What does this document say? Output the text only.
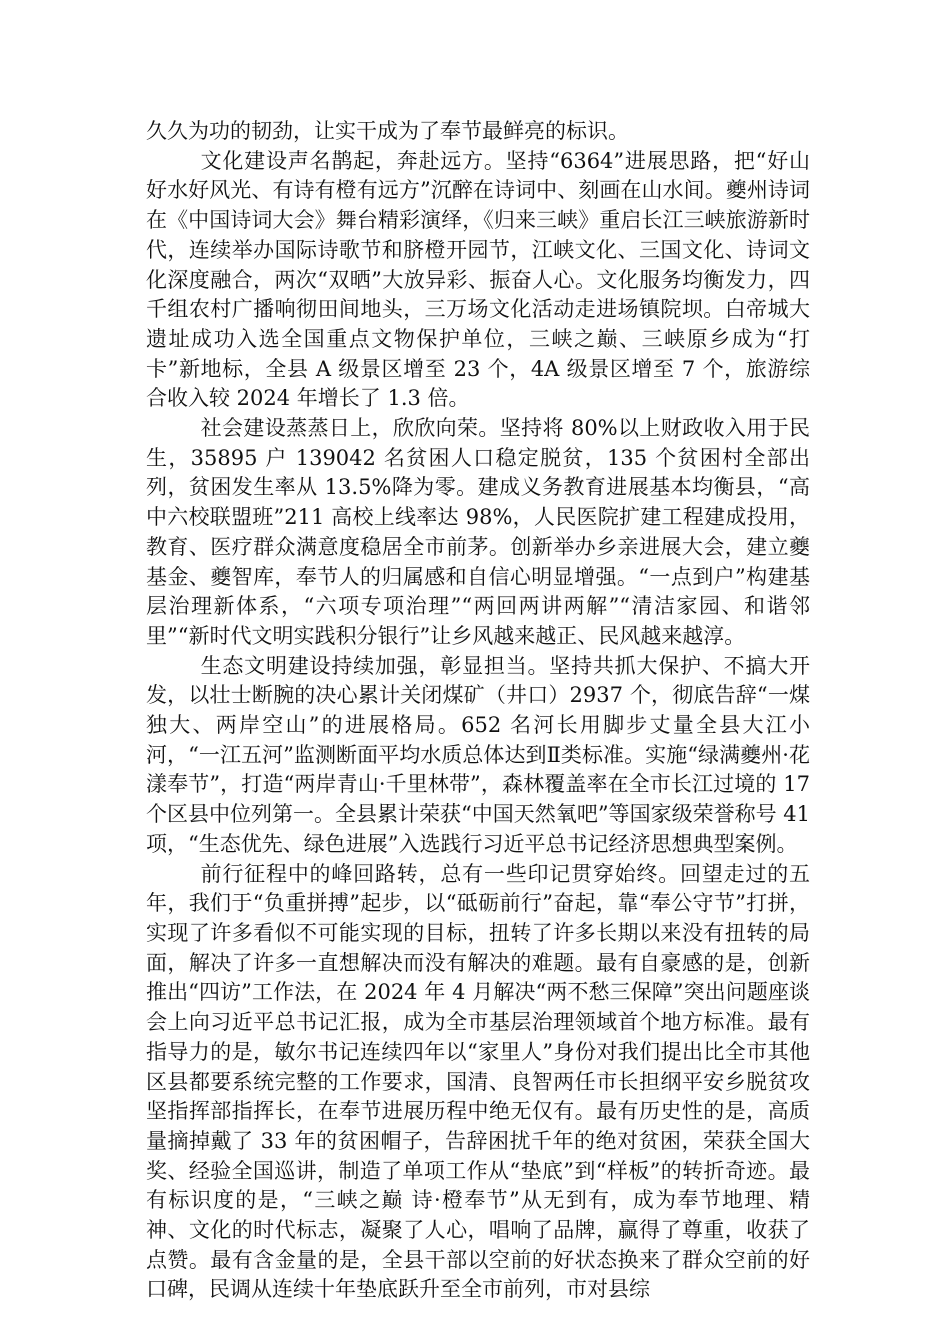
久久为功的韧劲，让实干成为了奉节最鲜亮的标识。

文化建设声名鹊起，奔赴远方。坚持“6364”进展思路，把“好山好水好风光、有诗有橙有远方”沉醉在诗词中、刻画在山水间。夔州诗词在《中国诗词大会》舞台精彩演绎，《归来三峡》重启长江三峡旅游新时代，连续举办国际诗歌节和脐橙开园节，江峡文化、三国文化、诗词文化深度融合，两次“双晒”大放异彩、振奋人心。文化服务均衡发力，四千组农村广播响彻田间地头，三万场文化活动走进场镇院坝。白帝城大遗址成功入选全国重点文物保护单位，三峡之巅、三峡原乡成为“打卡”新地标，全县 A 级景区增至 23 个，4A 级景区增至 7 个，旅游综合收入较 2024 年增长了 1.3 倍。

社会建设蒸蒸日上，欣欣向荣。坚持将 80%以上财政收入用于民生，35895 户 139042 名贫困人口稳定脱贫，135 个贫困村全部出列，贫困发生率从 13.5%降为零。建成义务教育进展基本均衡县，“高中六校联盟班”211 高校上线率达 98%，人民医院扩建工程建成投用，教育、医疗群众满意度稳居全市前茅。创新举办乡亲进展大会，建立夔基金、夔智库，奉节人的归属感和自信心明显增强。“一点到户”构建基层治理新体系，“六项专项治理”“两回两讲两解”“清洁家园、和谐邻里”“新时代文明实践积分银行”让乡风越来越正、民风越来越淳。

生态文明建设持续加强，彰显担当。坚持共抓大保护、不搞大开发，以壮士断腕的决心累计关闭煤矿（井口）2937 个，彻底告辞“一煤独大、两岸空山”的进展格局。652 名河长用脚步丈量全县大江小河，“一江五河”监测断面平均水质总体达到Ⅱ类标准。实施“绿满夔州·花漾奉节”，打造“两岸青山·千里林带”，森林覆盖率在全市长江过境的 17 个区县中位列第一。全县累计荣获“中国天然氧吧”等国家级荣誉称号 41 项，“生态优先、绿色进展”入选践行习近平总书记经济思想典型案例。

前行征程中的峰回路转，总有一些印记贯穿始终。回望走过的五年，我们于“负重拼搏”起步，以“砥砺前行”奋起，靠“奉公守节”打拼，实现了许多看似不可能实现的目标，扭转了许多长期以来没有扭转的局面，解决了许多一直想解决而没有解决的难题。最有自豪感的是，创新推出“四访”工作法，在 2024 年 4 月解决“两不愁三保障”突出问题座谈会上向习近平总书记汇报，成为全市基层治理领域首个地方标准。最有指导力的是，敏尔书记连续四年以“家里人”身份对我们提出比全市其他区县都要系统完整的工作要求，国清、良智两任市长担纲平安乡脱贫攻坚指挥部指挥长，在奉节进展历程中绝无仅有。最有历史性的是，高质量摘掉戴了 33 年的贫困帽子，告辞困扰千年的绝对贫困，荣获全国大奖、经验全国巡讲，制造了单项工作从“垫底”到“样板”的转折奇迹。最有标识度的是，“三峡之巅 诗·橙奉节”从无到有，成为奉节地理、精神、文化的时代标志，凝聚了人心，唱响了品牌，赢得了尊重，收获了点赞。最有含金量的是，全县干部以空前的好状态换来了群众空前的好口碑，民调从连续十年垫底跃升至全市前列，市对县综
